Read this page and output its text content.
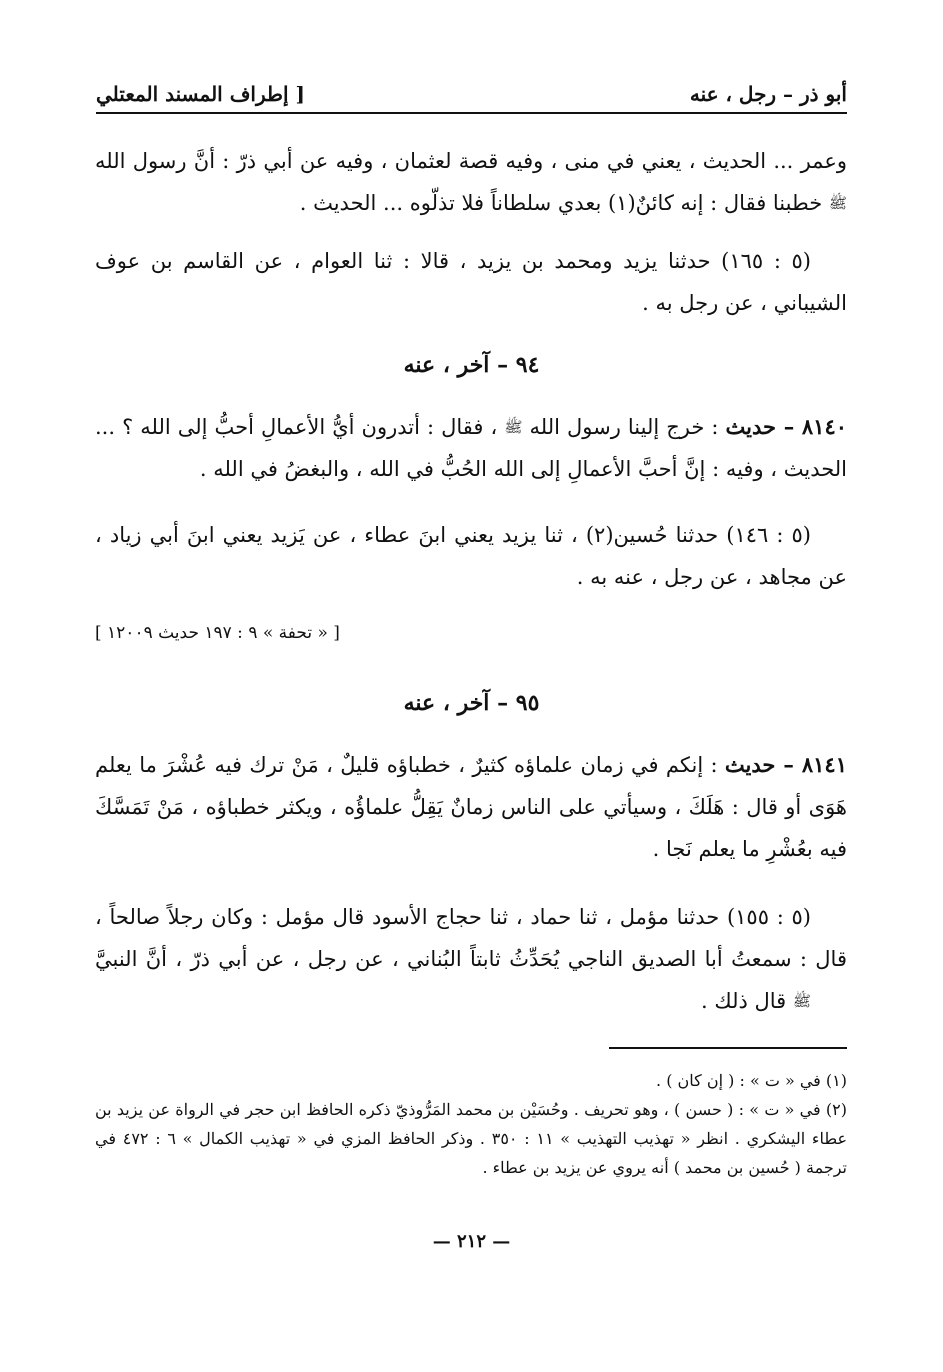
أبو ذر – رجل ، عنه
[ إطراف المسند المعتلي

وعمر ... الحديث ، يعني في منى ، وفيه قصة لعثمان ، وفيه عن أبي ذرّ : أنَّ رسول الله ﷺ خطبنا فقال : إنه كائنٌ(١) بعدي سلطاناً فلا تذلّوه ... الحديث .

(٥ : ١٦٥) حدثنا يزيد ومحمد بن يزيد ، قالا : ثنا العوام ، عن القاسم بن عوف الشيباني ، عن رجل به .

٩٤ – آخر ، عنه

٨١٤٠ – حديث : خرج إلينا رسول الله ﷺ ، فقال : أتدرون أيُّ الأعمالِ أحبُّ إلى الله ؟ ... الحديث ، وفيه : إنَّ أحبَّ الأعمالِ إلى الله الحُبُّ في الله ، والبغضُ في الله .

(٥ : ١٤٦) حدثنا حُسين(٢) ، ثنا يزيد يعني ابنَ عطاء ، عن يَزيد يعني ابنَ أبي زياد ، عن مجاهد ، عن رجل ، عنه به .

[ « تحفة » ٩ : ١٩٧ حديث ١٢٠٠٩ ]
٩٥ – آخر ، عنه

٨١٤١ – حديث : إنكم في زمان علماؤه كثيرٌ ، خطباؤه قليلٌ ، مَنْ ترك فيه عُشْرَ ما يعلم هَوَى أو قال : هَلَكَ ، وسيأتي على الناس زمانٌ يَقِلُّ علماؤُه ، ويكثر خطباؤه ، مَنْ تَمَسَّكَ فيه بعُشْرِ ما يعلم نَجا .

(٥ : ١٥٥) حدثنا مؤمل ، ثنا حماد ، ثنا حجاج الأسود قال مؤمل : وكان رجلاً صالحاً ، قال : سمعتُ أبا الصديق الناجي يُحَدِّثُ ثابتاً البُناني ، عن رجل ، عن أبي ذرّ ، أنَّ النبيَّ ﷺ قال ذلك .

(١) في « ت » : ( إن كان ) .

(٢) في « ت » : ( حسن ) ، وهو تحريف . وحُسَيْن بن محمد المَرُّوذيّ ذكره الحافظ ابن حجر في الرواة عن يزيد بن عطاء اليشكري . انظر « تهذيب التهذيب » ١١ : ٣٥٠ . وذكر الحافظ المزي في « تهذيب الكمال » ٦ : ٤٧٢ في ترجمة ( حُسين بن محمد ) أنه يروي عن يزيد بن عطاء .

— ٢١٢ —
